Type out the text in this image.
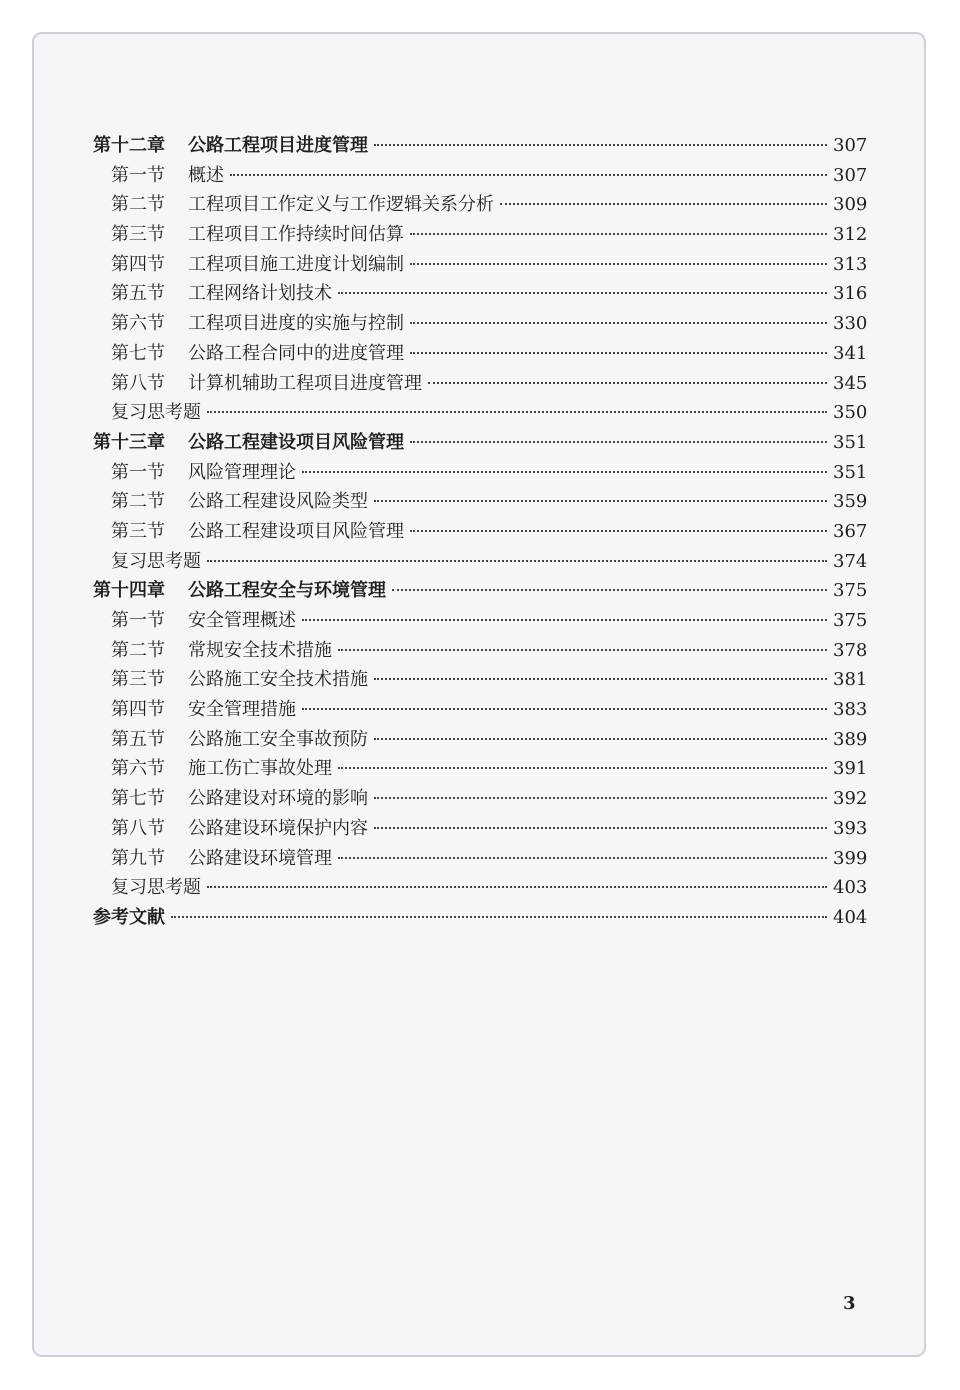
第十二章	公路工程项目进度管理	307
第一节	概述	307
第二节	工程项目工作定义与工作逻辑关系分析	309
第三节	工程项目工作持续时间估算	312
第四节	工程项目施工进度计划编制	313
第五节	工程网络计划技术	316
第六节	工程项目进度的实施与控制	330
第七节	公路工程合同中的进度管理	341
第八节	计算机辅助工程项目进度管理	345
复习思考题	350
第十三章	公路工程建设项目风险管理	351
第一节	风险管理理论	351
第二节	公路工程建设风险类型	359
第三节	公路工程建设项目风险管理	367
复习思考题	374
第十四章	公路工程安全与环境管理	375
第一节	安全管理概述	375
第二节	常规安全技术措施	378
第三节	公路施工安全技术措施	381
第四节	安全管理措施	383
第五节	公路施工安全事故预防	389
第六节	施工伤亡事故处理	391
第七节	公路建设对环境的影响	392
第八节	公路建设环境保护内容	393
第九节	公路建设环境管理	399
复习思考题	403
参考文献	404
3
